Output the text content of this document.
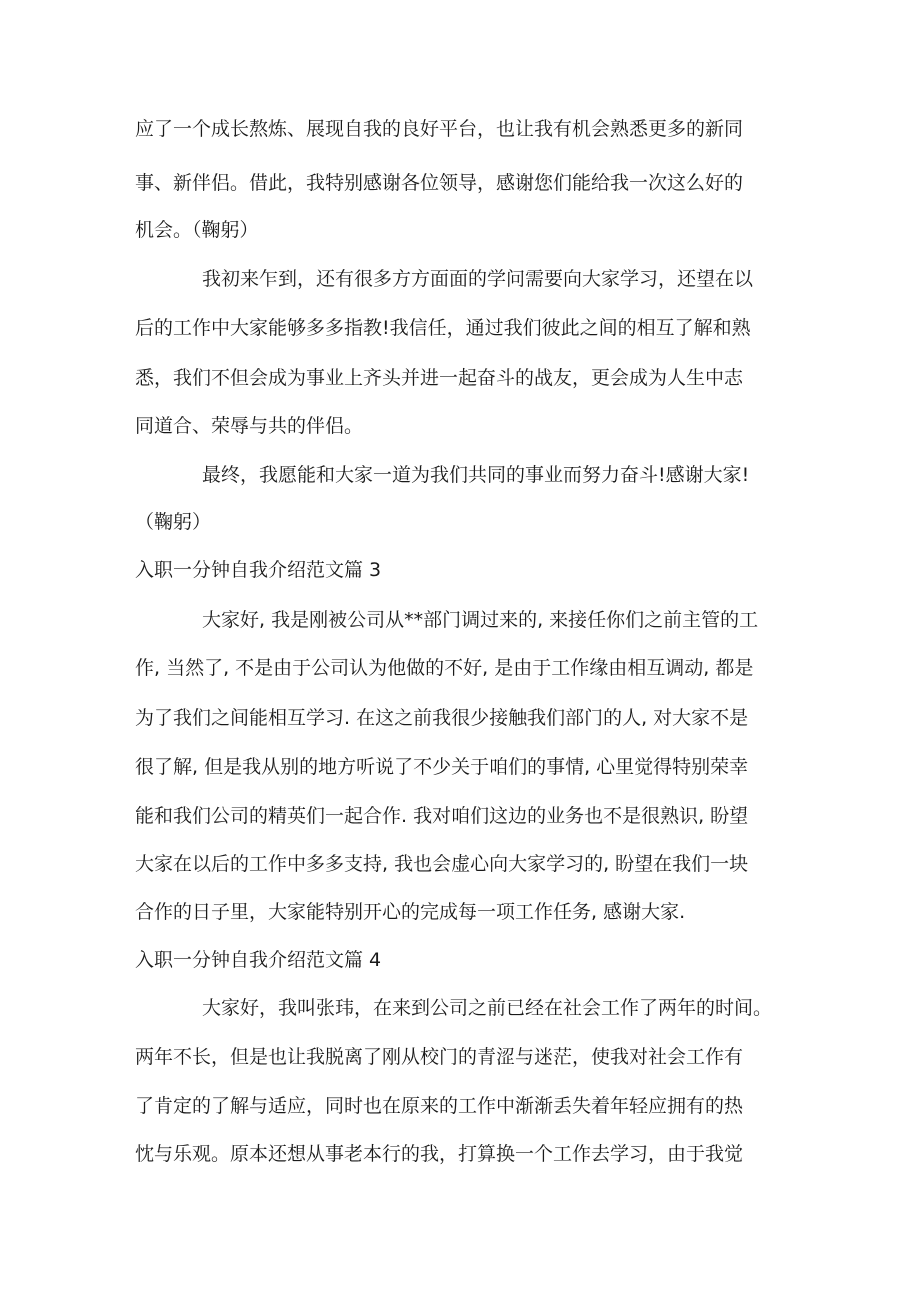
应了一个成长熬炼、展现自我的良好平台，也让我有机会熟悉更多的新同
事、新伴侣。借此，我特别感谢各位领导，感谢您们能给我一次这么好的
机会。（鞠躬）
我初来乍到，还有很多方方面面的学问需要向大家学习，还望在以
后的工作中大家能够多多指教!我信任，通过我们彼此之间的相互了解和熟
悉，我们不但会成为事业上齐头并进一起奋斗的战友，更会成为人生中志
同道合、荣辱与共的伴侣。
最终，我愿能和大家一道为我们共同的事业而努力奋斗!感谢大家!
（鞠躬）
入职一分钟自我介绍范文篇 3
大家好, 我是刚被公司从**部门调过来的, 来接任你们之前主管的工
作, 当然了, 不是由于公司认为他做的不好, 是由于工作缘由相互调动, 都是
为了我们之间能相互学习. 在这之前我很少接触我们部门的人, 对大家不是
很了解, 但是我从别的地方听说了不少关于咱们的事情, 心里觉得特别荣幸
能和我们公司的精英们一起合作. 我对咱们这边的业务也不是很熟识, 盼望
大家在以后的工作中多多支持, 我也会虚心向大家学习的, 盼望在我们一块
合作的日子里，大家能特别开心的完成每一项工作任务, 感谢大家.
入职一分钟自我介绍范文篇 4
大家好，我叫张玮，在来到公司之前已经在社会工作了两年的时间。
两年不长，但是也让我脱离了刚从校门的青涩与迷茫，使我对社会工作有
了肯定的了解与适应，同时也在原来的工作中渐渐丢失着年轻应拥有的热
忱与乐观。原本还想从事老本行的我，打算换一个工作去学习，由于我觉
